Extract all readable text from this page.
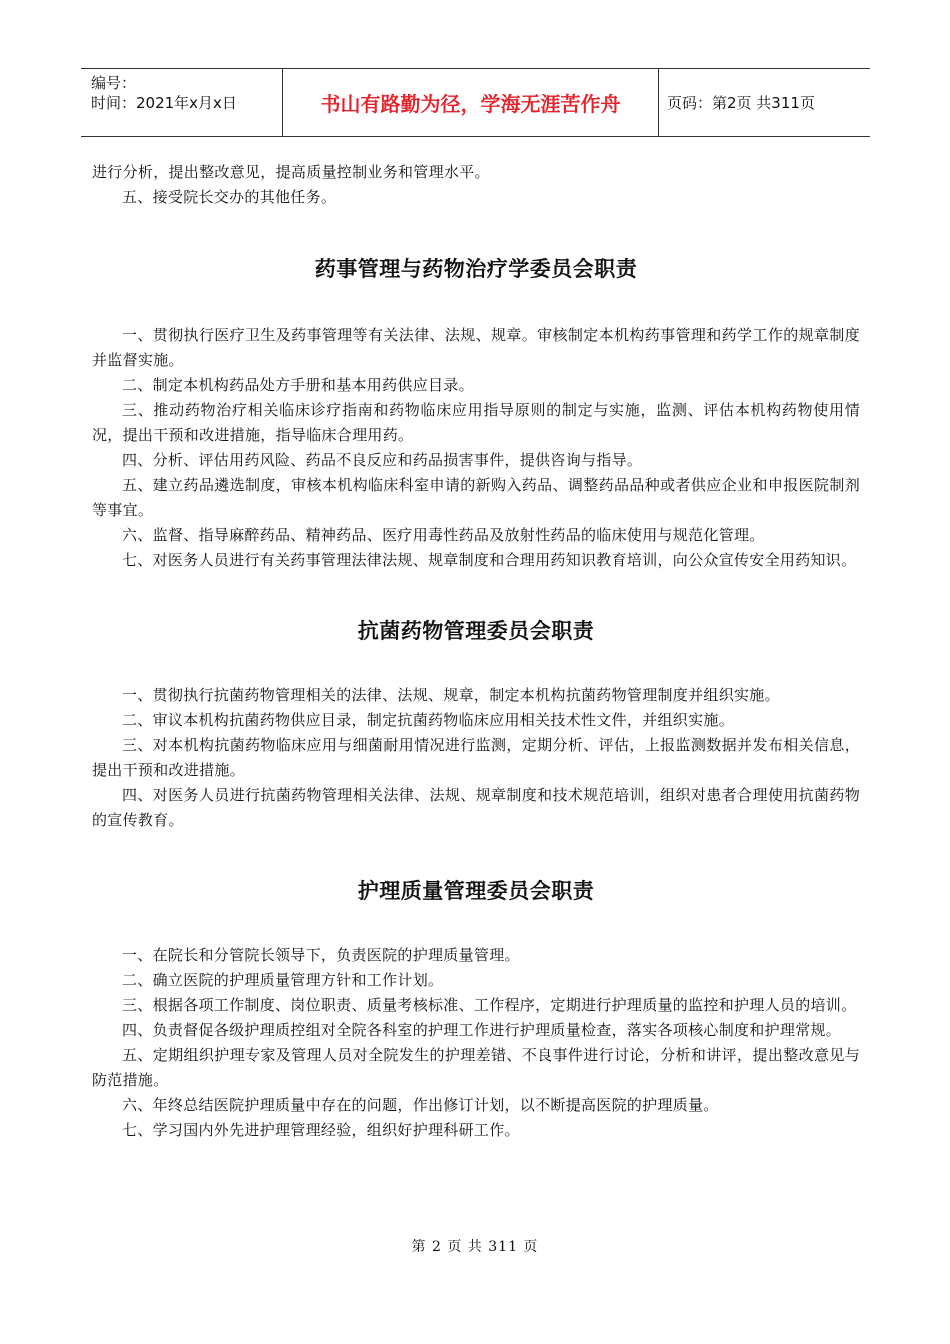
编号：
时间：2021年x月x日	书山有路勤为径，学海无涯苦作舟	页码：第2页 共311页

进行分析，提出整改意见，提高质量控制业务和管理水平。

五、接受院长交办的其他任务。

药事管理与药物治疗学委员会职责

一、贯彻执行医疗卫生及药事管理等有关法律、法规、规章。审核制定本机构药事管理和药学工作的规章制度并监督实施。

二、制定本机构药品处方手册和基本用药供应目录。

三、推动药物治疗相关临床诊疗指南和药物临床应用指导原则的制定与实施，监测、评估本机构药物使用情况，提出干预和改进措施，指导临床合理用药。

四、分析、评估用药风险、药品不良反应和药品损害事件，提供咨询与指导。

五、建立药品遴选制度，审核本机构临床科室申请的新购入药品、调整药品品种或者供应企业和申报医院制剂等事宜。

六、监督、指导麻醉药品、精神药品、医疗用毒性药品及放射性药品的临床使用与规范化管理。

七、对医务人员进行有关药事管理法律法规、规章制度和合理用药知识教育培训，向公众宣传安全用药知识。

抗菌药物管理委员会职责

一、贯彻执行抗菌药物管理相关的法律、法规、规章，制定本机构抗菌药物管理制度并组织实施。

二、审议本机构抗菌药物供应目录，制定抗菌药物临床应用相关技术性文件，并组织实施。

三、对本机构抗菌药物临床应用与细菌耐用情况进行监测，定期分析、评估，上报监测数据并发布相关信息，提出干预和改进措施。

四、对医务人员进行抗菌药物管理相关法律、法规、规章制度和技术规范培训，组织对患者合理使用抗菌药物的宣传教育。

护理质量管理委员会职责

一、在院长和分管院长领导下，负责医院的护理质量管理。

二、确立医院的护理质量管理方针和工作计划。

三、根据各项工作制度、岗位职责、质量考核标准、工作程序，定期进行护理质量的监控和护理人员的培训。

四、负责督促各级护理质控组对全院各科室的护理工作进行护理质量检查，落实各项核心制度和护理常规。

五、定期组织护理专家及管理人员对全院发生的护理差错、不良事件进行讨论，分析和讲评，提出整改意见与防范措施。

六、年终总结医院护理质量中存在的问题，作出修订计划，以不断提高医院的护理质量。

七、学习国内外先进护理管理经验，组织好护理科研工作。

第 2 页 共 311 页
